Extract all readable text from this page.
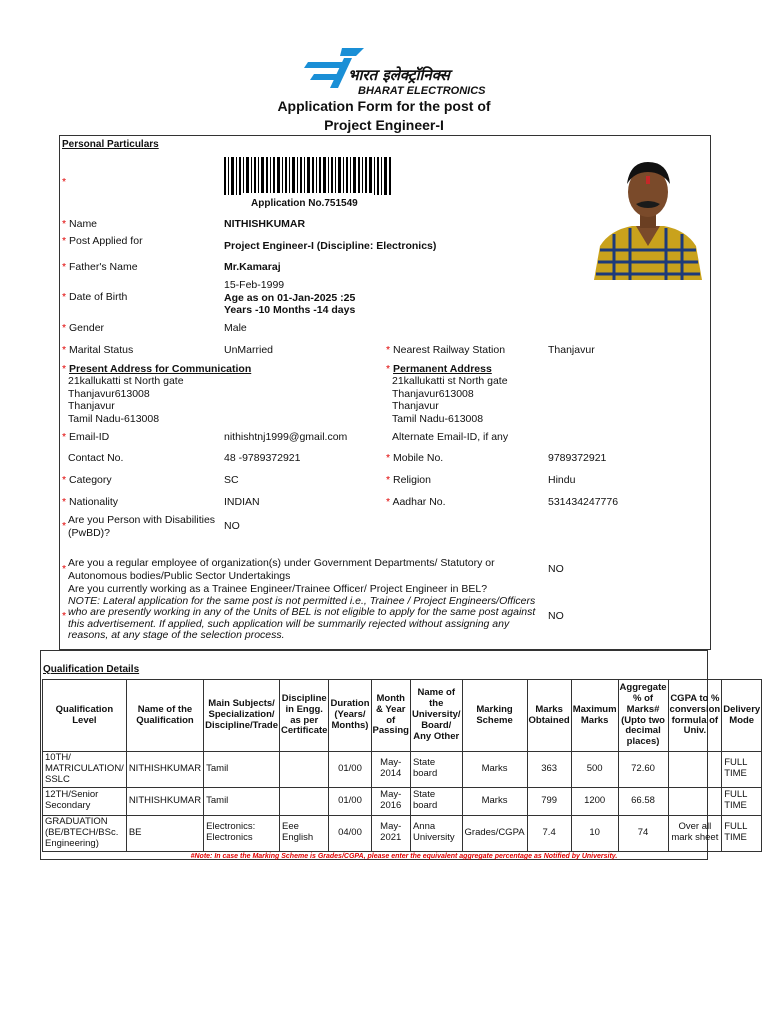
भारत इलेक्ट्रॉनिक्स
BHARAT ELECTRONICS
Application Form for the post of
Project Engineer-I
Personal Particulars
*
Application No.751549
* Name	NITHISHKUMAR
* Post Applied for	Project Engineer-I (Discipline: Electronics)
* Father's Name	Mr.Kamaraj
* Date of Birth
15-Feb-1999
Age as on 01-Jan-2025 :25
Years -10 Months -14 days
* Gender	Male
* Marital Status	UnMarried	* Nearest Railway Station	Thanjavur
* Present Address for Communication
21kallukatti st North gate
Thanjavur613008
Thanjavur
Tamil Nadu-613008
* Permanent Address
21kallukatti st North gate
Thanjavur613008
Thanjavur
Tamil Nadu-613008
* Email-ID	nithishtnj1999@gmail.com	Alternate Email-ID, if any
Contact No.	48 -9789372921	* Mobile No.	9789372921
* Category	SC	* Religion	Hindu
* Nationality	INDIAN	* Aadhar No.	531434247776
* Are you Person with Disabilities
(PwBD)?
NO
* Are you a regular employee of organization(s) under Government Departments/ Statutory or
Autonomous bodies/Public Sector Undertakings
NO
*
Are you currently working as a Trainee Engineer/Trainee Officer/ Project Engineer in BEL?
NOTE: Lateral application for the same post is not permitted i.e., Trainee / Project Engineers/Officers
who are presently working in any of the Units of BEL is not eligible to apply for the same post against
this advertisement. If applied, such application will be summarily rejected without assigning any
reasons, at any stage of the selection process.
NO
Qualification Details
Qualification Level	Name of the Qualification	Main Subjects/ Specialization/ Discipline/Trade	Discipline in Engg. as per Certificate	Duration (Years/ Months)	Month & Year of Passing	Name of the University/ Board/ Any Other	Marking Scheme	Marks Obtained	Maximum Marks	Aggregate % of Marks# (Upto two decimal places)	CGPA to % conversion formula of Univ.	Delivery Mode
10TH/ MATRICULATION/ SSLC	NITHISHKUMAR	Tamil		01/00	May-2014	State board	Marks	363	500	72.60		FULL TIME
12TH/Senior Secondary	NITHISHKUMAR	Tamil		01/00	May-2016	State board	Marks	799	1200	66.58		FULL TIME
GRADUATION (BE/BTECH/BSc. Engineering)	BE	Electronics: Electronics	Eee English	04/00	May-2021	Anna University	Grades/CGPA	7.4	10	74	Over all mark sheet	FULL TIME
#Note: In case the Marking Scheme is Grades/CGPA, please enter the equivalent aggregate percentage as Notified by University.
